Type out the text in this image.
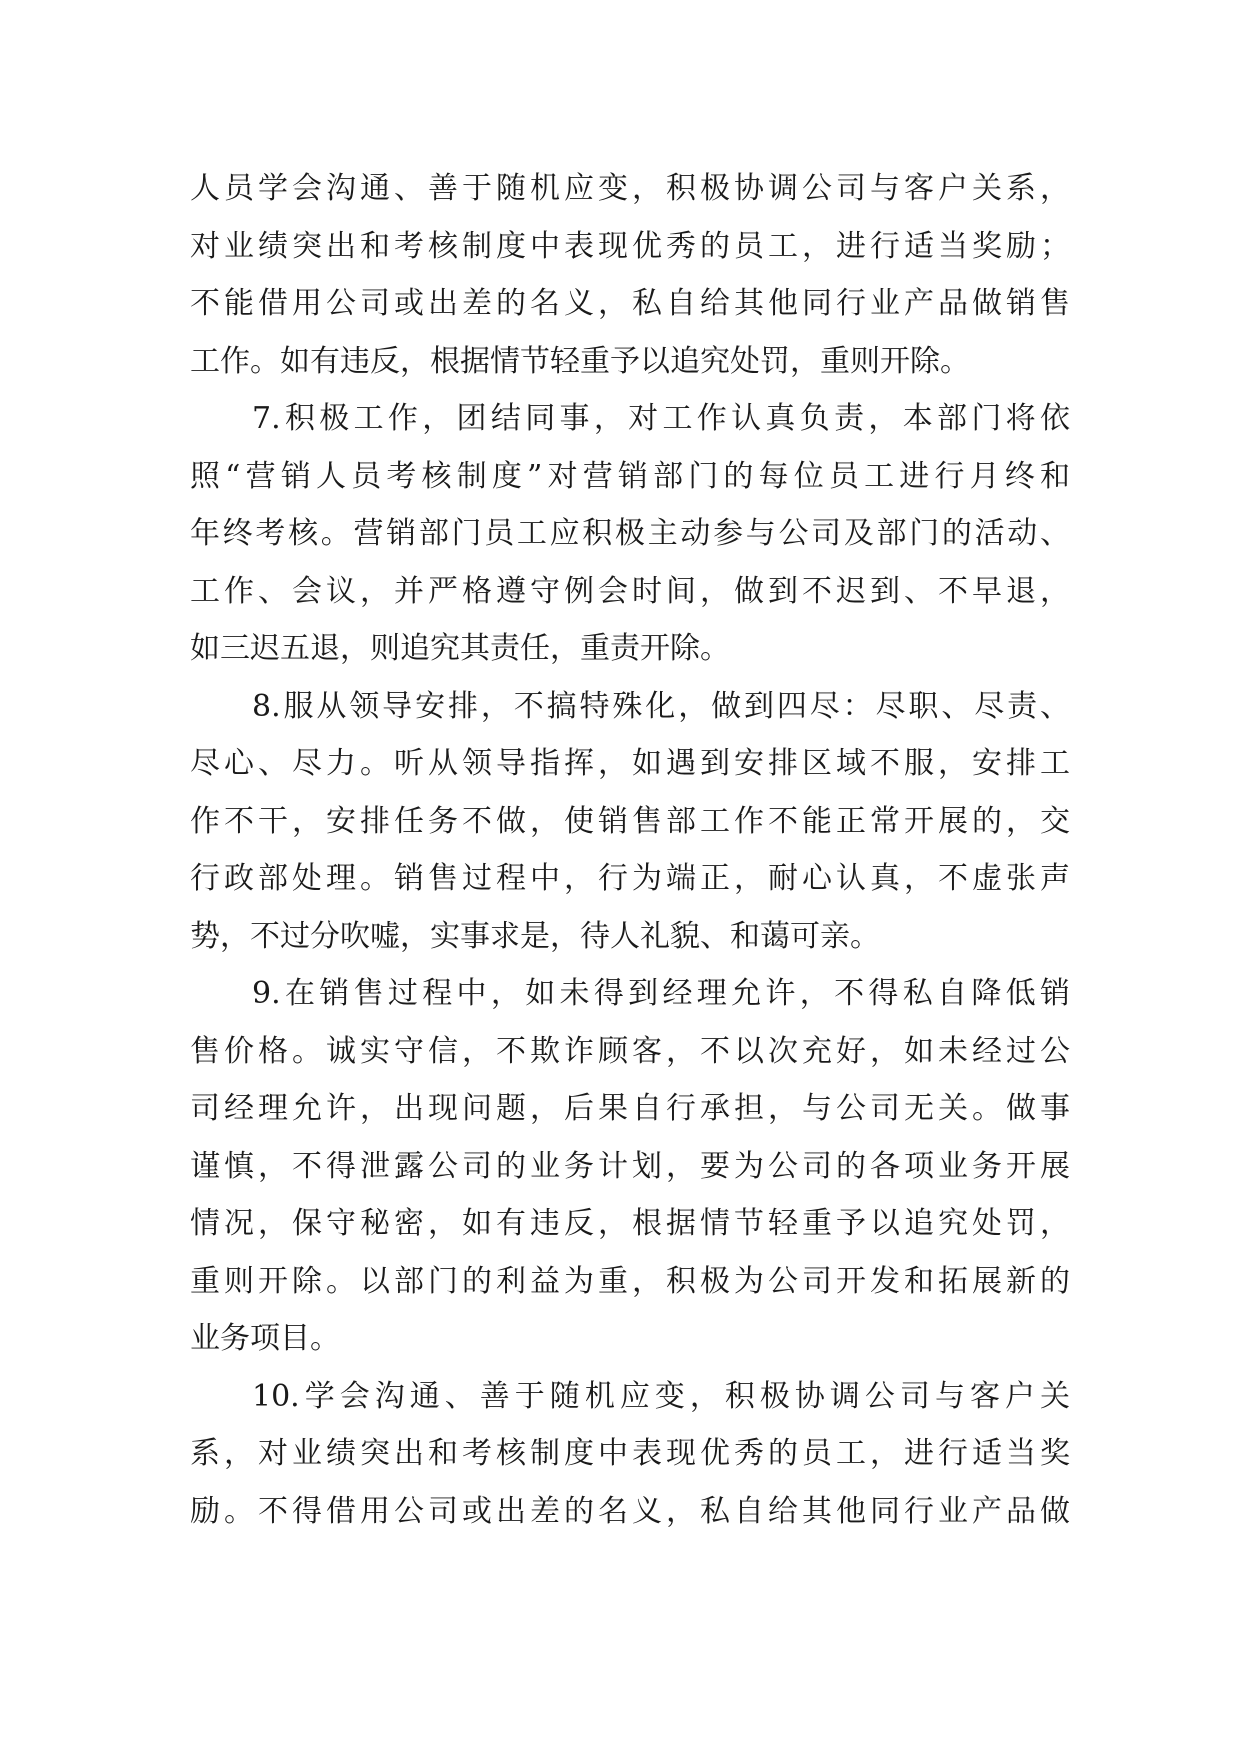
人员学会沟通、善于随机应变，积极协调公司与客户关系，
对业绩突出和考核制度中表现优秀的员工，进行适当奖励；
不能借用公司或出差的名义，私自给其他同行业产品做销售
工作。如有违反，根据情节轻重予以追究处罚，重则开除。
7.积极工作，团结同事，对工作认真负责，本部门将依
照“营销人员考核制度”对营销部门的每位员工进行月终和
年终考核。营销部门员工应积极主动参与公司及部门的活动、
工作、会议，并严格遵守例会时间，做到不迟到、不早退，
如三迟五退，则追究其责任，重责开除。
8.服从领导安排，不搞特殊化，做到四尽：尽职、尽责、
尽心、尽力。听从领导指挥，如遇到安排区域不服，安排工
作不干，安排任务不做，使销售部工作不能正常开展的，交
行政部处理。销售过程中，行为端正，耐心认真，不虚张声
势，不过分吹嘘，实事求是，待人礼貌、和蔼可亲。
9.在销售过程中，如未得到经理允许，不得私自降低销
售价格。诚实守信，不欺诈顾客，不以次充好，如未经过公
司经理允许，出现问题，后果自行承担，与公司无关。做事
谨慎，不得泄露公司的业务计划，要为公司的各项业务开展
情况，保守秘密，如有违反，根据情节轻重予以追究处罚，
重则开除。以部门的利益为重，积极为公司开发和拓展新的
业务项目。
10.学会沟通、善于随机应变，积极协调公司与客户关
系，对业绩突出和考核制度中表现优秀的员工，进行适当奖
励。不得借用公司或出差的名义，私自给其他同行业产品做
